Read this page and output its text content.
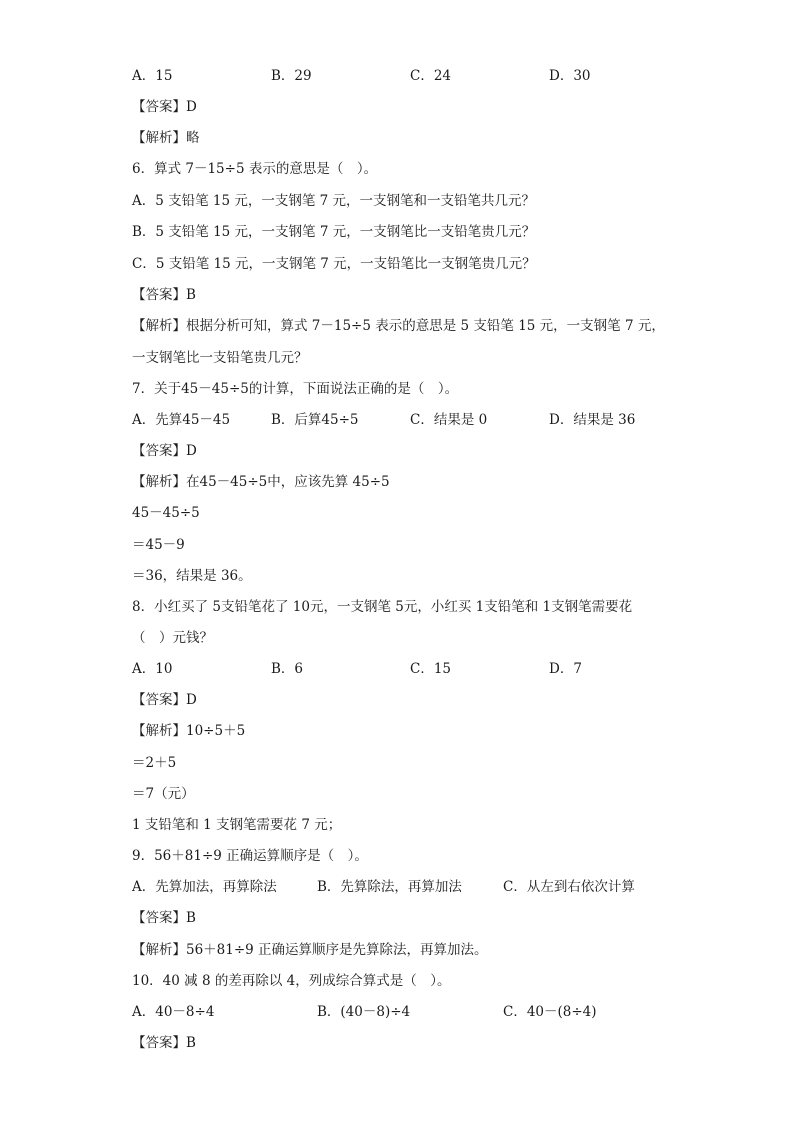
A．15	B．29	C．24	D．30
【答案】D
【解析】略
6．算式 7－15÷5 表示的意思是（　）。
A．5 支铅笔 15 元，一支钢笔 7 元，一支钢笔和一支铅笔共几元？
B．5 支铅笔 15 元，一支钢笔 7 元，一支钢笔比一支铅笔贵几元？
C．5 支铅笔 15 元，一支钢笔 7 元，一支铅笔比一支钢笔贵几元？
【答案】B
【解析】根据分析可知，算式 7－15÷5 表示的意思是 5 支铅笔 15 元，一支钢笔 7 元，
一支钢笔比一支铅笔贵几元？
7．关于45－45÷5的计算，下面说法正确的是（　）。
A．先算45－45	B．后算45÷5	C．结果是 0	D．结果是 36
【答案】D
【解析】在45－45÷5中，应该先算 45÷5
45－45÷5
＝45－9
＝36，结果是 36。
8．小红买了 5支铅笔花了 10元，一支钢笔 5元，小红买 1支铅笔和 1支钢笔需要花
（　）元钱？
A．10	B．6	C．15	D．7
【答案】D
【解析】10÷5＋5
＝2＋5
＝7（元）
1 支铅笔和 1 支钢笔需要花 7 元；
9．56＋81÷9 正确运算顺序是（　）。
A．先算加法，再算除法	B．先算除法，再算加法	C．从左到右依次计算
【答案】B
【解析】56＋81÷9 正确运算顺序是先算除法，再算加法。
10．40 减 8 的差再除以 4，列成综合算式是（　）。
A．40－8÷4	B．(40－8)÷4	C．40－(8÷4)
【答案】B
